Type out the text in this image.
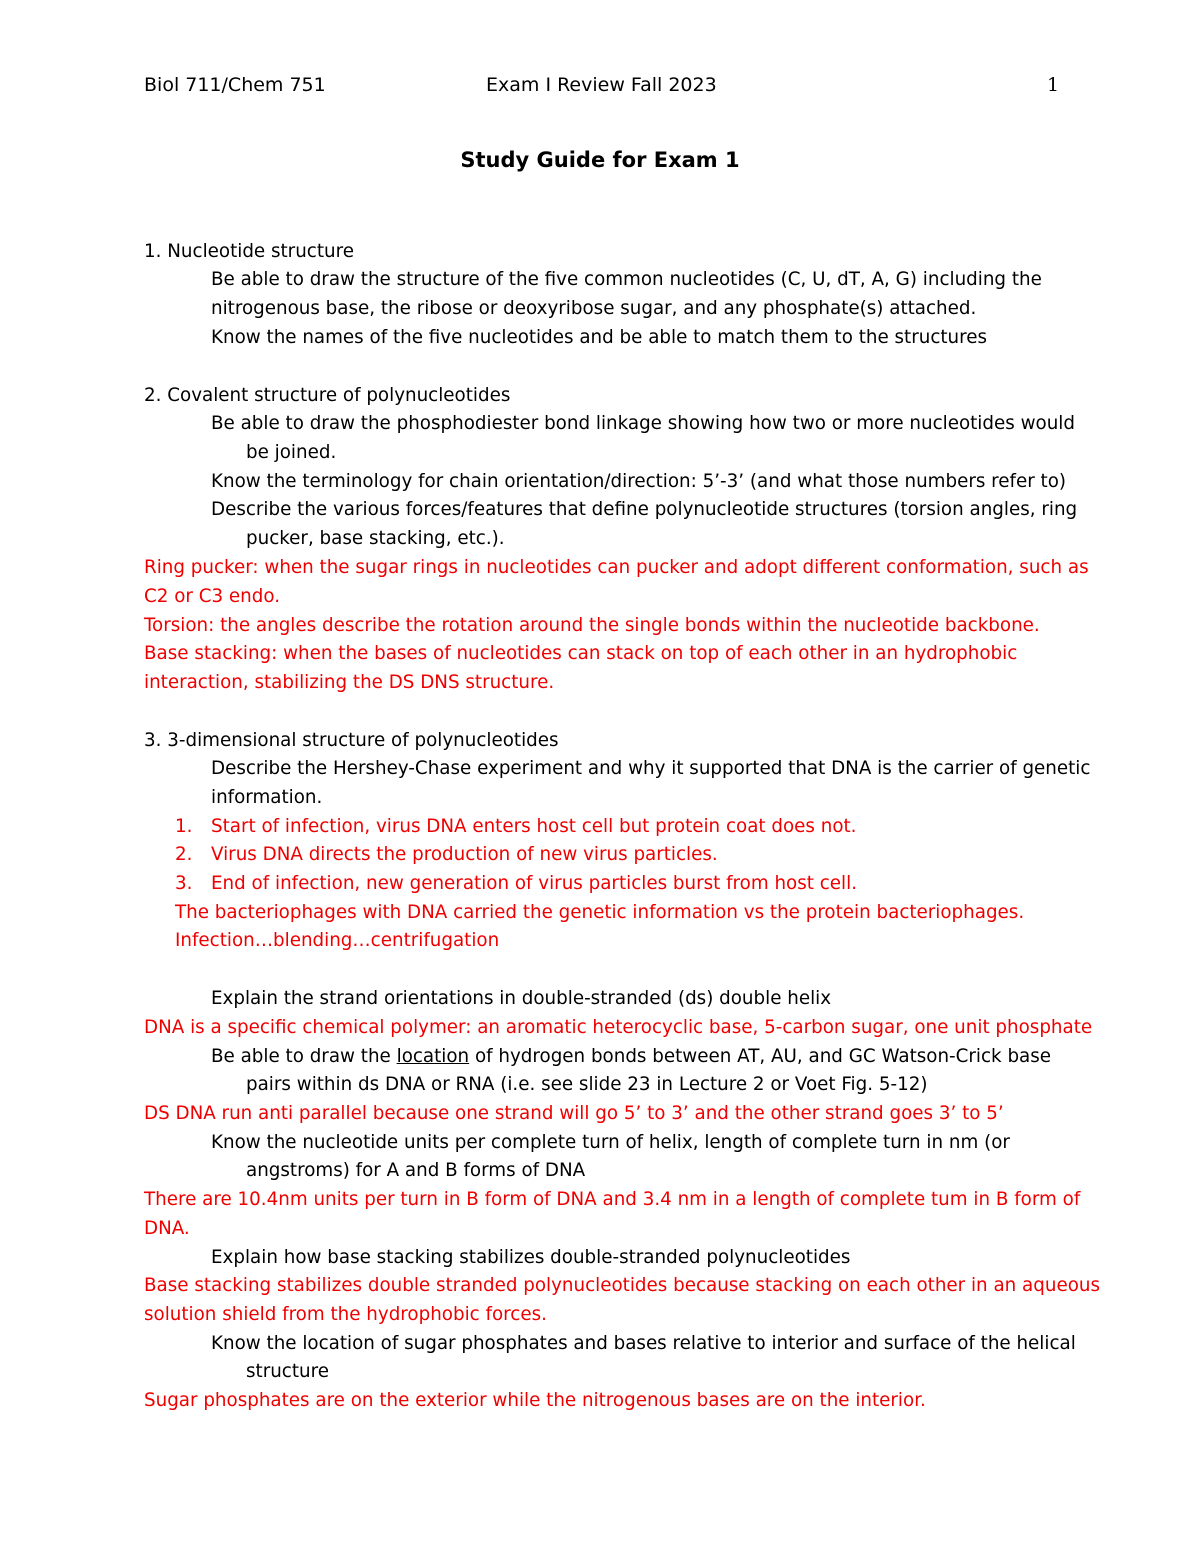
Biol 711/Chem 751	Exam I Review Fall 2023	1
Study Guide for Exam 1
1. Nucleotide structure
Be able to draw the structure of the five common nucleotides (C, U, dT, A, G) including the
nitrogenous base, the ribose or deoxyribose sugar, and any phosphate(s) attached.
Know the names of the five nucleotides and be able to match them to the structures
2. Covalent structure of polynucleotides
Be able to draw the phosphodiester bond linkage showing how two or more nucleotides would
be joined.
Know the terminology for chain orientation/direction: 5’-3’ (and what those numbers refer to)
Describe the various forces/features that define polynucleotide structures (torsion angles, ring
pucker, base stacking, etc.).
Ring pucker: when the sugar rings in nucleotides can pucker and adopt different conformation, such as
C2 or C3 endo.
Torsion: the angles describe the rotation around the single bonds within the nucleotide backbone.
Base stacking: when the bases of nucleotides can stack on top of each other in an hydrophobic
interaction, stabilizing the DS DNS structure.
3. 3-dimensional structure of polynucleotides
Describe the Hershey-Chase experiment and why it supported that DNA is the carrier of genetic
information.
1. Start of infection, virus DNA enters host cell but protein coat does not.
2. Virus DNA directs the production of new virus particles.
3. End of infection, new generation of virus particles burst from host cell.
The bacteriophages with DNA carried the genetic information vs the protein bacteriophages.
Infection…blending…centrifugation
Explain the strand orientations in double-stranded (ds) double helix
DNA is a specific chemical polymer: an aromatic heterocyclic base, 5-carbon sugar, one unit phosphate
Be able to draw the location of hydrogen bonds between AT, AU, and GC Watson-Crick base
pairs within ds DNA or RNA (i.e. see slide 23 in Lecture 2 or Voet Fig. 5-12)
DS DNA run anti parallel because one strand will go 5’ to 3’ and the other strand goes 3’ to 5’
Know the nucleotide units per complete turn of helix, length of complete turn in nm (or
angstroms) for A and B forms of DNA
There are 10.4nm units per turn in B form of DNA and 3.4 nm in a length of complete tum in B form of
DNA.
Explain how base stacking stabilizes double-stranded polynucleotides
Base stacking stabilizes double stranded polynucleotides because stacking on each other in an aqueous
solution shield from the hydrophobic forces.
Know the location of sugar phosphates and bases relative to interior and surface of the helical
structure
Sugar phosphates are on the exterior while the nitrogenous bases are on the interior.
